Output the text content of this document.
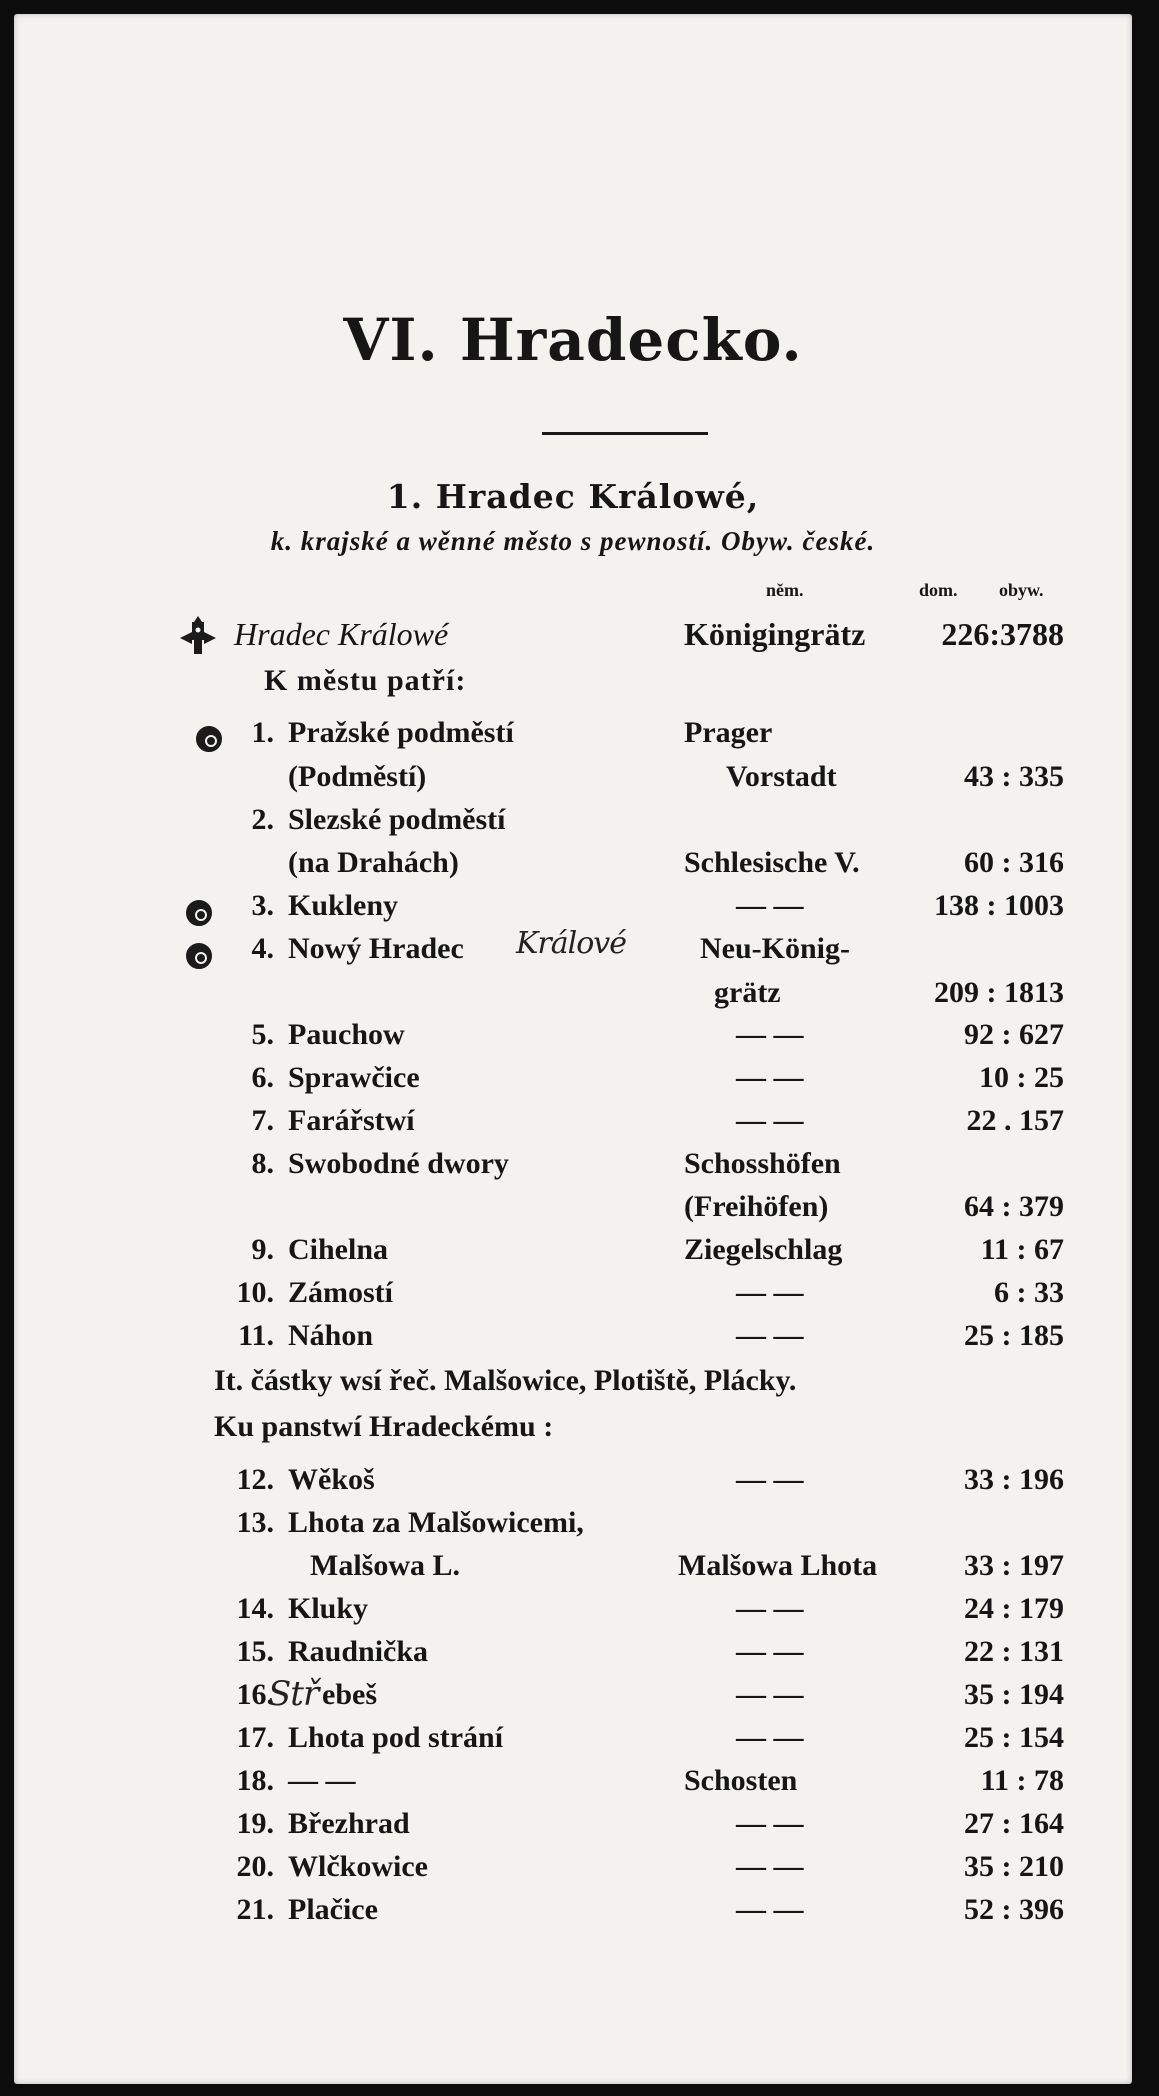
VI. Hradecko.
1. Hradec Králowé,
k. krajské a wěnné město s pewností. Obyw. české.
něm.	dom. obyw.
Hradec Králowé	Königingrätz 226:3788
K městu patří:
1. Pražské podměstí	Prager
(Podměstí)	Vorstadt	43 : 335
2. Slezské podměstí
(na Drahách)	Schlesische V.	60 : 316
3. Kukleny	— —	138 : 1003
4. Nowý Hradec Králové Neu-König-
grätz	209 : 1813
5. Pauchow	— —	92 : 627
6. Sprawčice	— —	10 : 25
7. Farářstwí	— —	22 . 157
8. Swobodné dwory	Schosshöfen
(Freihöfen)	64 : 379
9. Cihelna	Ziegelschlag	11 : 67
10. Zámostí	— —	6 : 33
11. Náhon	— —	25 : 185
It. částky wsí řeč. Malšowice, Plotiště, Plácky.
Ku panstwí Hradeckému :
12. Wěkoš	— —	33 : 196
13. Lhota za Malšowicemi,
Malšowa L.	Malšowa Lhota	33 : 197
14. Kluky	— —	24 : 179
15. Raudnička	— —	22 : 131
16.
Stř ebeš	— —	35 : 194
17. Lhota pod strání	— —	25 : 154
18. — —	Schosten	11 : 78
19. Březhrad	— —	27 : 164
20. Wlčkowice	— —	35 : 210
21. Plačice	— —	52 : 396
